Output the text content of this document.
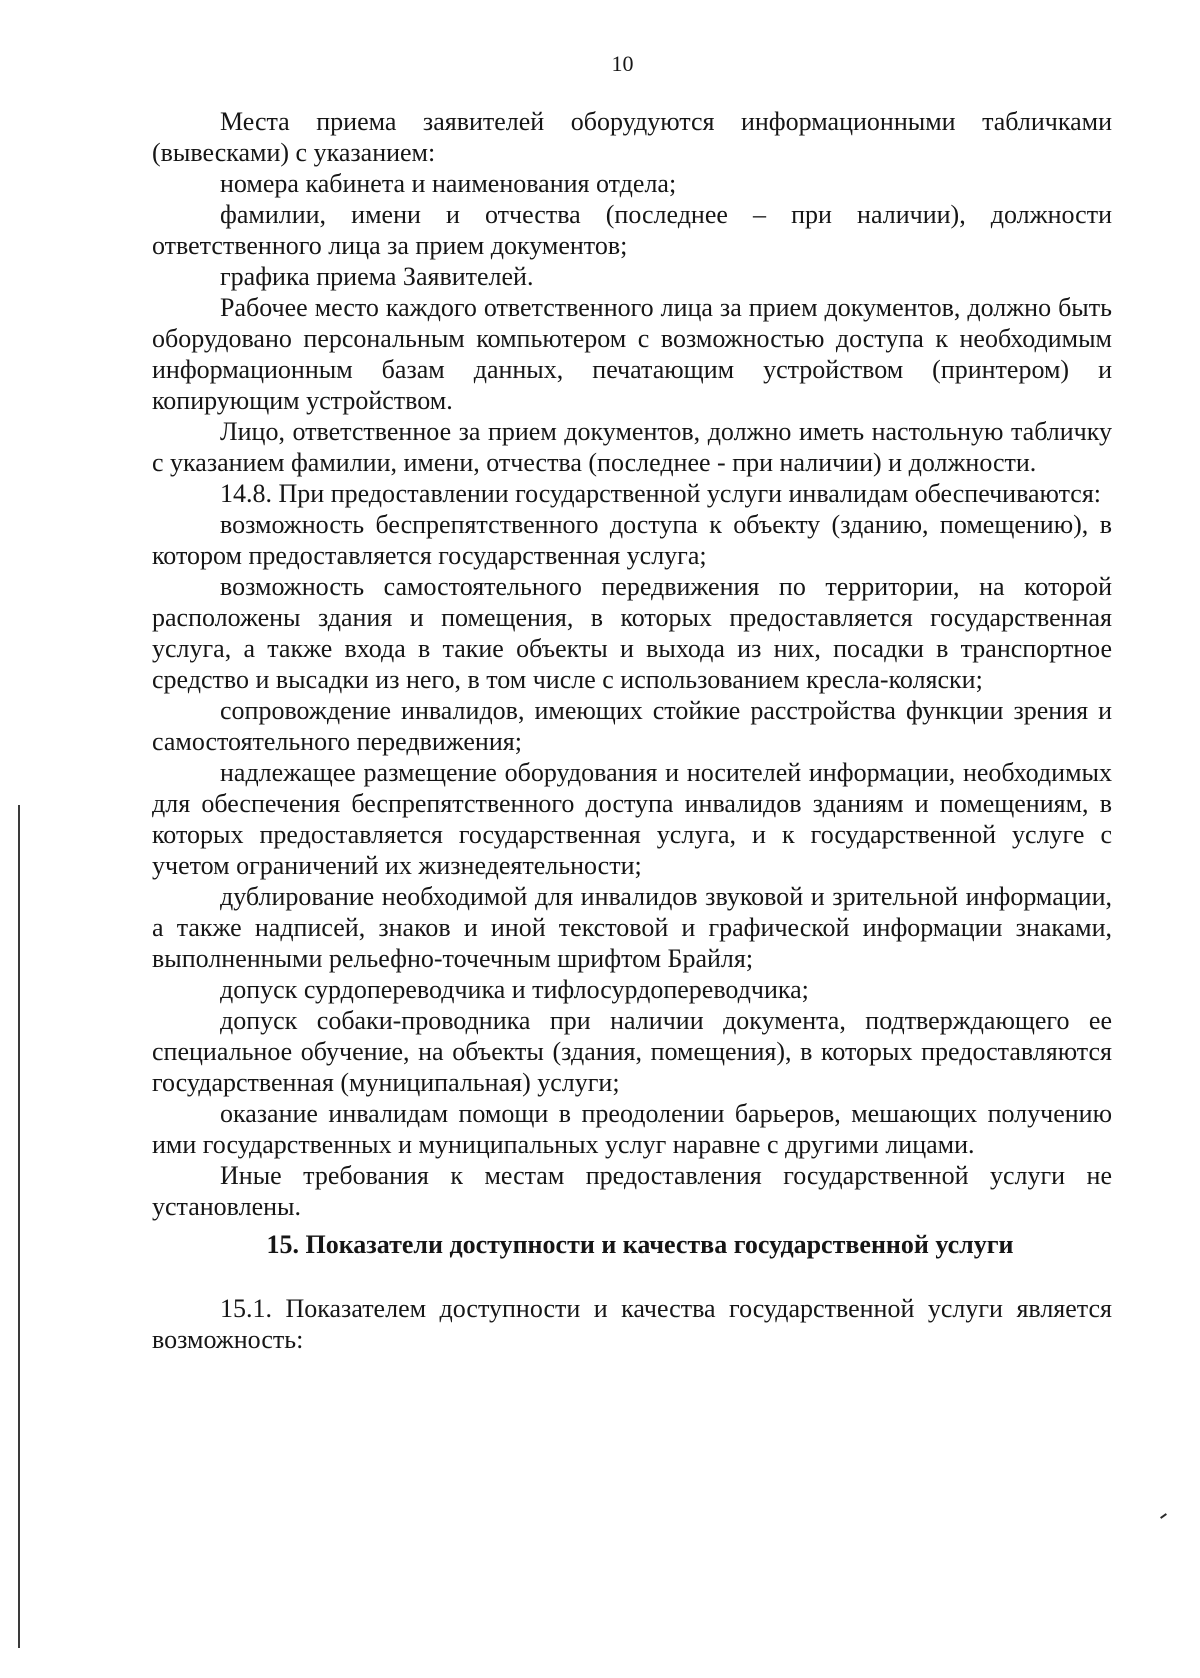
10

Места приема заявителей оборудуются информационными табличками (вывесками) с указанием:

номера кабинета и наименования отдела;

фамилии, имени и отчества (последнее – при наличии), должности ответственного лица за прием документов;

графика приема Заявителей.

Рабочее место каждого ответственного лица за прием документов, должно быть оборудовано персональным компьютером с возможностью доступа к необходимым информационным базам данных, печатающим устройством (принтером) и копирующим устройством.

Лицо, ответственное за прием документов, должно иметь настольную табличку с указанием фамилии, имени, отчества (последнее - при наличии) и должности.

14.8. При предоставлении государственной услуги инвалидам обеспечиваются:

возможность беспрепятственного доступа к объекту (зданию, помещению), в котором предоставляется государственная услуга;

возможность самостоятельного передвижения по территории, на которой расположены здания и помещения, в которых предоставляется государственная услуга, а также входа в такие объекты и выхода из них, посадки в транспортное средство и высадки из него, в том числе с использованием кресла-коляски;

сопровождение инвалидов, имеющих стойкие расстройства функции зрения и самостоятельного передвижения;

надлежащее размещение оборудования и носителей информации, необходимых для обеспечения беспрепятственного доступа инвалидов зданиям и помещениям, в которых предоставляется государственная услуга, и к государственной услуге с учетом ограничений их жизнедеятельности;

дублирование необходимой для инвалидов звуковой и зрительной информации, а также надписей, знаков и иной текстовой и графической информации знаками, выполненными рельефно-точечным шрифтом Брайля;

допуск сурдопереводчика и тифлосурдопереводчика;

допуск собаки-проводника при наличии документа, подтверждающего ее специальное обучение, на объекты (здания, помещения), в которых предоставляются государственная (муниципальная) услуги;

оказание инвалидам помощи в преодолении барьеров, мешающих получению ими государственных и муниципальных услуг наравне с другими лицами.

Иные требования к местам предоставления государственной услуги не установлены.

15. Показатели доступности и качества государственной услуги

15.1. Показателем доступности и качества государственной услуги является возможность:
